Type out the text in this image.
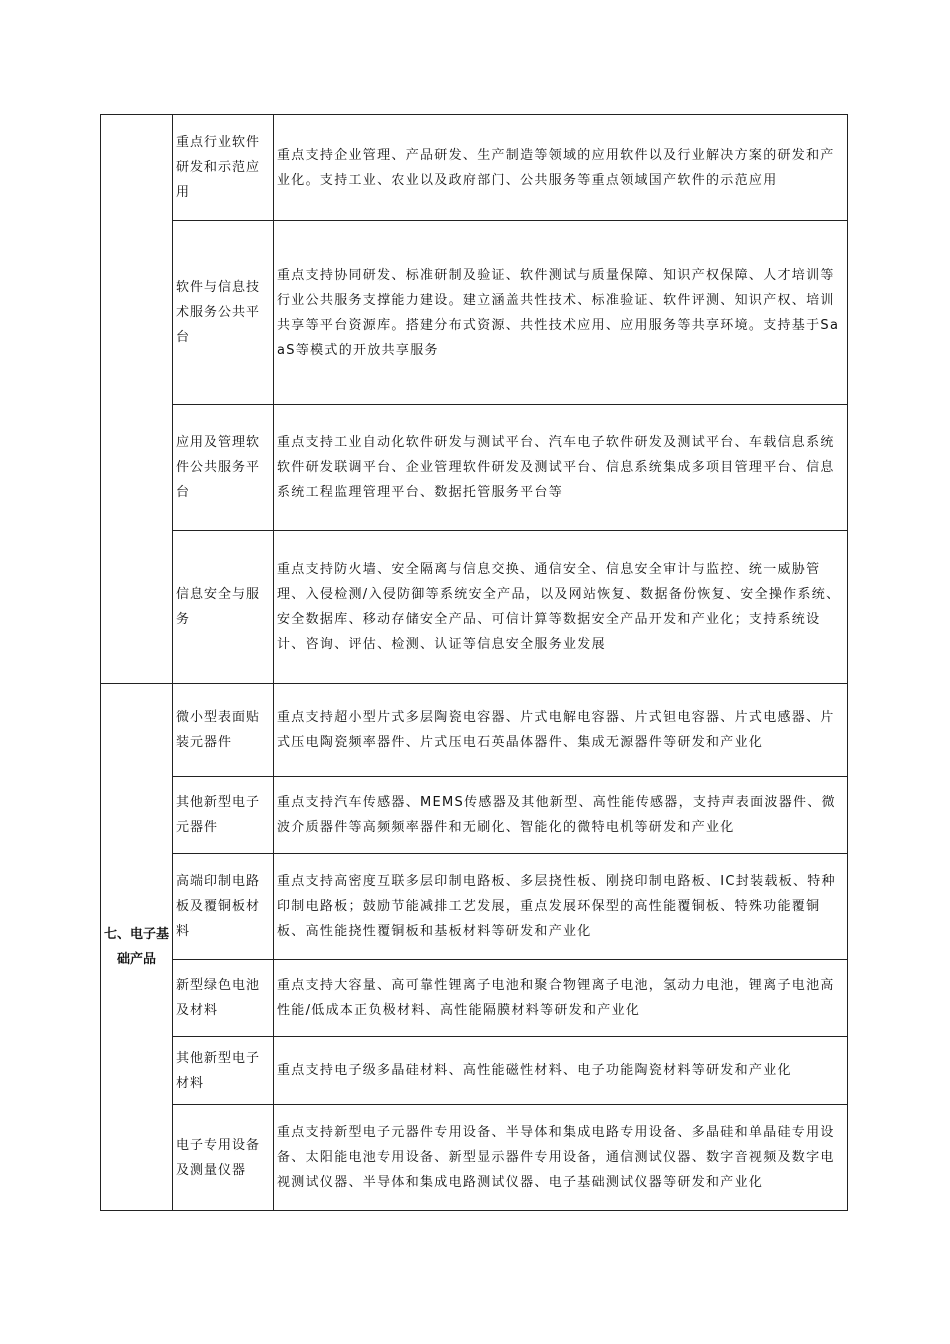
	重点行业软件研发和示范应用	重点支持企业管理、产品研发、生产制造等领域的应用软件以及行业解决方案的研发和产业化。支持工业、农业以及政府部门、公共服务等重点领域国产软件的示范应用
	软件与信息技术服务公共平台	重点支持协同研发、标准研制及验证、软件测试与质量保障、知识产权保障、人才培训等行业公共服务支撑能力建设。建立涵盖共性技术、标准验证、软件评测、知识产权、培训共享等平台资源库。搭建分布式资源、共性技术应用、应用服务等共享环境。支持基于SaaS等模式的开放共享服务
	应用及管理软件公共服务平台	重点支持工业自动化软件研发与测试平台、汽车电子软件研发及测试平台、车载信息系统软件研发联调平台、企业管理软件研发及测试平台、信息系统集成多项目管理平台、信息系统工程监理管理平台、数据托管服务平台等
	信息安全与服务	重点支持防火墙、安全隔离与信息交换、通信安全、信息安全审计与监控、统一威胁管理、入侵检测/入侵防御等系统安全产品，以及网站恢复、数据备份恢复、安全操作系统、安全数据库、移动存储安全产品、可信计算等数据安全产品开发和产业化；支持系统设计、咨询、评估、检测、认证等信息安全服务业发展
七、电子基础产品	微小型表面贴装元器件	重点支持超小型片式多层陶瓷电容器、片式电解电容器、片式钽电容器、片式电感器、片式压电陶瓷频率器件、片式压电石英晶体器件、集成无源器件等研发和产业化
	其他新型电子元器件	重点支持汽车传感器、MEMS传感器及其他新型、高性能传感器，支持声表面波器件、微波介质器件等高频频率器件和无刷化、智能化的微特电机等研发和产业化
	高端印制电路板及覆铜板材料	重点支持高密度互联多层印制电路板、多层挠性板、刚挠印制电路板、IC封装载板、特种印制电路板；鼓励节能减排工艺发展，重点发展环保型的高性能覆铜板、特殊功能覆铜板、高性能挠性覆铜板和基板材料等研发和产业化
	新型绿色电池及材料	重点支持大容量、高可靠性锂离子电池和聚合物锂离子电池，氢动力电池，锂离子电池高性能/低成本正负极材料、高性能隔膜材料等研发和产业化
	其他新型电子材料	重点支持电子级多晶硅材料、高性能磁性材料、电子功能陶瓷材料等研发和产业化
	电子专用设备及测量仪器	重点支持新型电子元器件专用设备、半导体和集成电路专用设备、多晶硅和单晶硅专用设备、太阳能电池专用设备、新型显示器件专用设备，通信测试仪器、数字音视频及数字电视测试仪器、半导体和集成电路测试仪器、电子基础测试仪器等研发和产业化
